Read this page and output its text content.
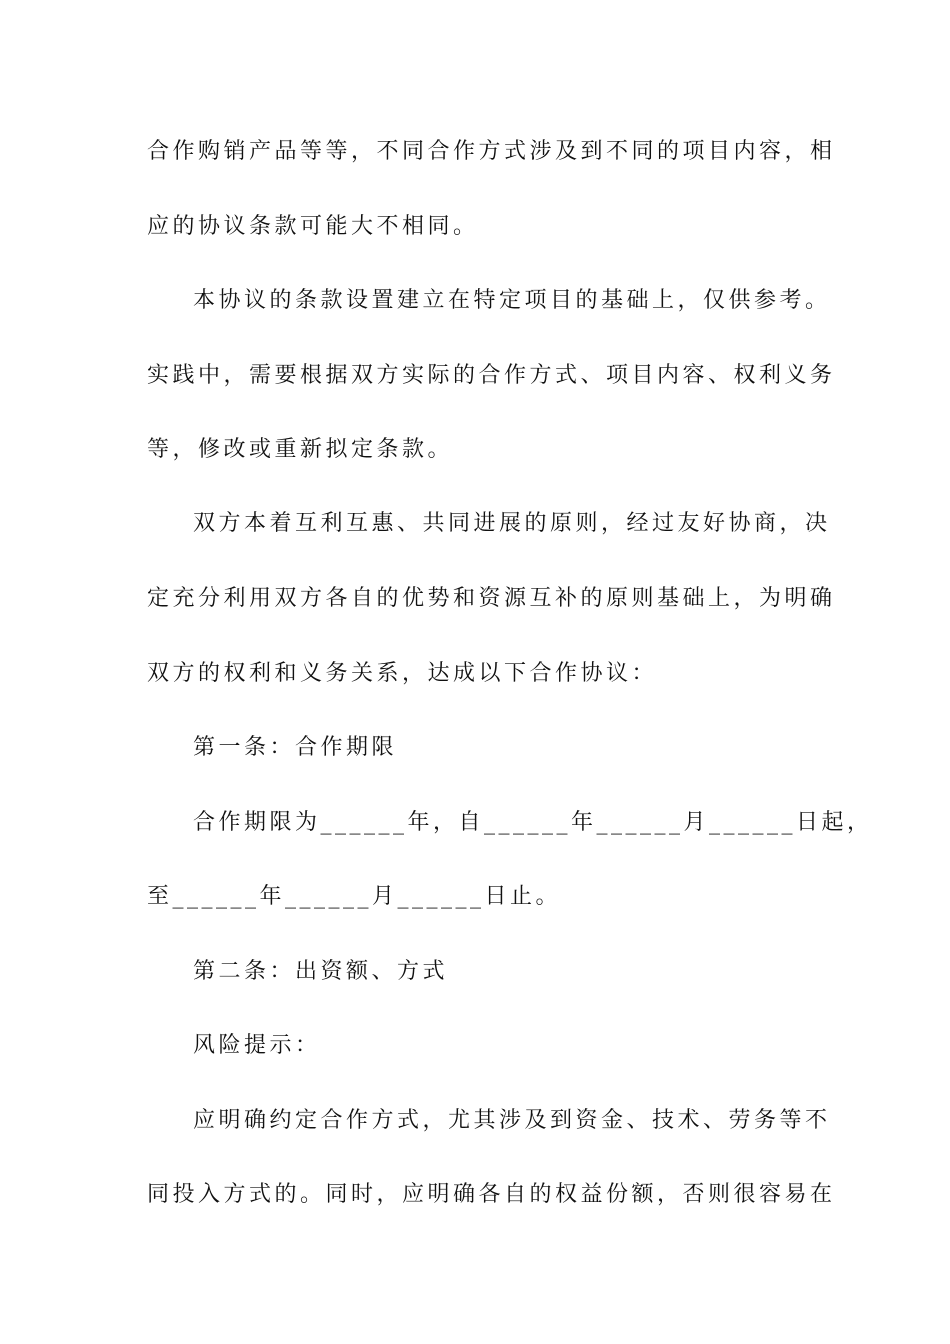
合作购销产品等等，不同合作方式涉及到不同的项目内容，相
应的协议条款可能大不相同。
本协议的条款设置建立在特定项目的基础上，仅供参考。
实践中，需要根据双方实际的合作方式、项目内容、权利义务
等，修改或重新拟定条款。
双方本着互利互惠、共同进展的原则，经过友好协商，决
定充分利用双方各自的优势和资源互补的原则基础上，为明确
双方的权利和义务关系，达成以下合作协议：
第一条：合作期限
合作期限为______年，自______年______月______日起，
至______年______月______日止。
第二条：出资额、方式
风险提示：
应明确约定合作方式，尤其涉及到资金、技术、劳务等不
同投入方式的。同时，应明确各自的权益份额，否则很容易在
